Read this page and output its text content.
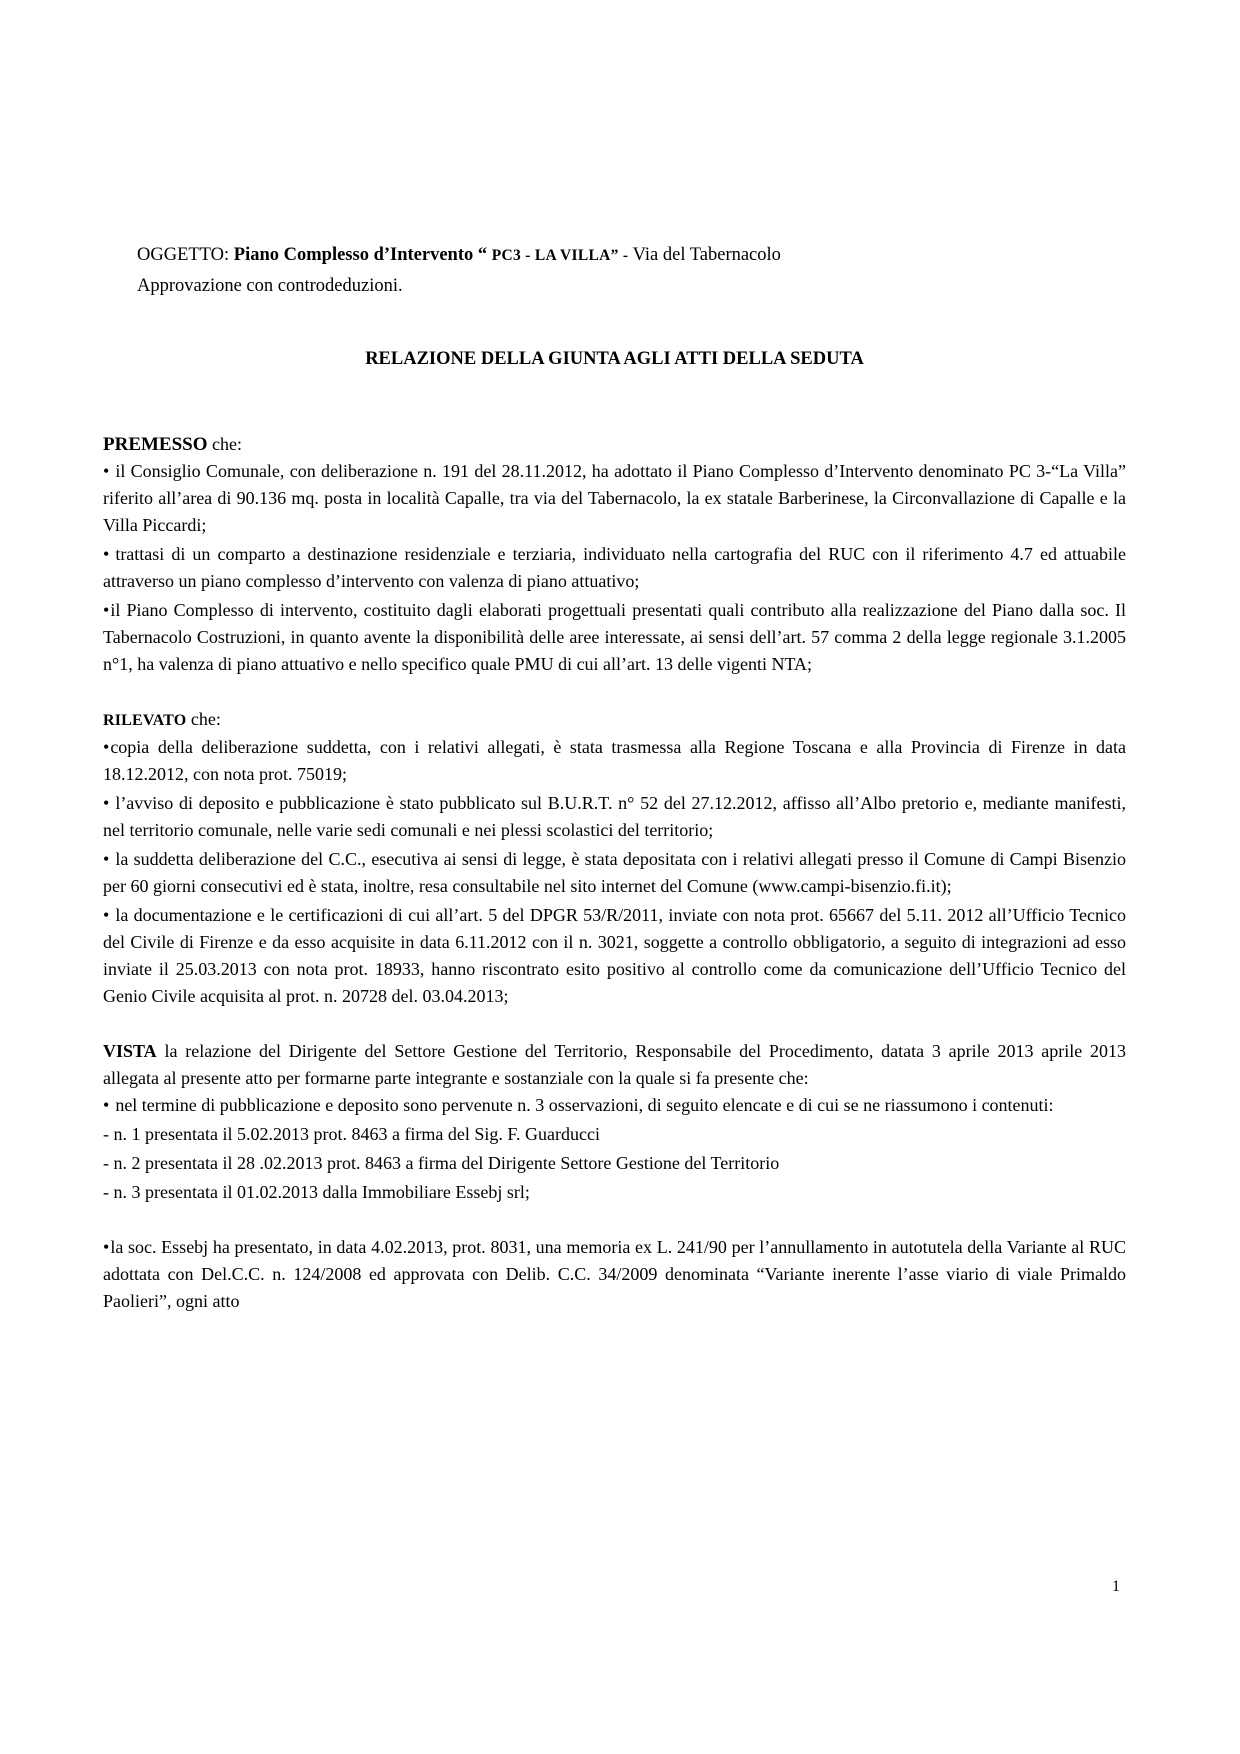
OGGETTO: Piano Complesso d’Intervento “ PC3 - LA VILLA” - Via del Tabernacolo
Approvazione con controdeduzioni.

RELAZIONE DELLA GIUNTA AGLI ATTI DELLA SEDUTA

PREMESSO che:

• il Consiglio Comunale, con deliberazione n. 191 del 28.11.2012, ha adottato il Piano Complesso d’Intervento denominato PC 3-“La Villa” riferito all’area di 90.136 mq. posta in località Capalle, tra via del Tabernacolo, la ex statale Barberinese, la Circonvallazione di Capalle e la Villa Piccardi;

• trattasi di un comparto a destinazione residenziale e terziaria, individuato nella cartografia del RUC con il riferimento 4.7 ed attuabile attraverso un piano complesso d’intervento con valenza di piano attuativo;

•il Piano Complesso di intervento, costituito dagli elaborati progettuali presentati quali contributo alla realizzazione del Piano dalla soc. Il Tabernacolo Costruzioni, in quanto avente la disponibilità delle aree interessate, ai sensi dell’art. 57 comma 2 della legge regionale 3.1.2005 n°1, ha valenza di piano attuativo e nello specifico quale PMU di cui all’art. 13 delle vigenti NTA;

RILEVATO che:

•copia della deliberazione suddetta, con i relativi allegati, è stata trasmessa alla Regione Toscana e alla Provincia di Firenze in data 18.12.2012, con nota prot. 75019;

• l’avviso di deposito e pubblicazione è stato pubblicato sul B.U.R.T. n° 52 del 27.12.2012, affisso all’Albo pretorio e, mediante manifesti, nel territorio comunale, nelle varie sedi comunali e nei plessi scolastici del territorio;

• la suddetta deliberazione del C.C., esecutiva ai sensi di legge, è stata depositata con i relativi allegati presso il Comune di Campi Bisenzio per 60 giorni consecutivi ed è stata, inoltre, resa consultabile nel sito internet del Comune (www.campi-bisenzio.fi.it);

• la documentazione e le certificazioni di cui all’art. 5 del DPGR 53/R/2011, inviate con nota prot. 65667 del 5.11. 2012 all’Ufficio Tecnico del Civile di Firenze e da esso acquisite in data 6.11.2012 con il n. 3021, soggette a controllo obbligatorio, a seguito di integrazioni ad esso inviate il 25.03.2013 con nota prot. 18933, hanno riscontrato esito positivo al controllo come da comunicazione dell’Ufficio Tecnico del Genio Civile acquisita al prot. n. 20728 del. 03.04.2013;

VISTA la relazione del Dirigente del Settore Gestione del Territorio, Responsabile del Procedimento, datata 3 aprile 2013 aprile 2013 allegata al presente atto per formarne parte integrante e sostanziale con la quale si fa presente che:

• nel termine di pubblicazione e deposito sono pervenute n. 3 osservazioni, di seguito elencate e di cui se ne riassumono i contenuti:

- n. 1 presentata il 5.02.2013 prot. 8463 a firma del Sig. F. Guarducci

- n. 2 presentata il 28 .02.2013 prot. 8463 a firma del Dirigente Settore Gestione del Territorio

- n. 3 presentata il 01.02.2013 dalla Immobiliare Essebj srl;

•la soc. Essebj ha presentato, in data 4.02.2013, prot. 8031, una memoria ex L. 241/90 per l’annullamento in autotutela della Variante al RUC adottata con Del.C.C. n. 124/2008 ed approvata con Delib. C.C. 34/2009 denominata “Variante inerente l’asse viario di viale Primaldo Paolieri”, ogni atto

1
